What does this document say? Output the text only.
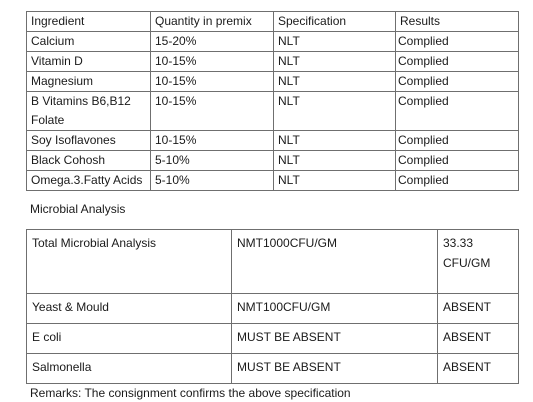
Ingredient	Quantity in premix	Specification	Results
Calcium	15-20%	NLT	Complied
Vitamin D	10-15%	NLT	Complied
Magnesium	10-15%	NLT	Complied
B Vitamins B6,B12 Folate	10-15%	NLT	Complied
Soy Isoflavones	10-15%	NLT	Complied
Black Cohosh	5-10%	NLT	Complied
Omega.3.Fatty Acids	5-10%	NLT	Complied

Microbial Analysis

Total Microbial Analysis	NMT1000CFU/GM	33.33 CFU/GM
Yeast & Mould	NMT100CFU/GM	ABSENT
E coli	MUST BE ABSENT	ABSENT
Salmonella	MUST BE ABSENT	ABSENT

Remarks: The consignment confirms the above specification
